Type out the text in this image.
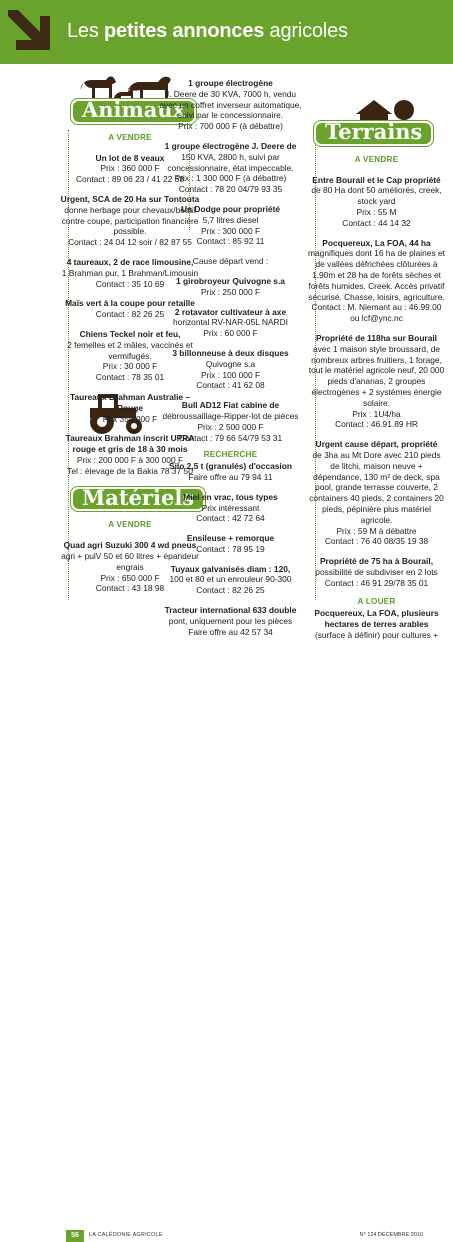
Les petites annonces agricoles
Animaux
A VENDRE
Un lot de 8 veaux
Prix : 360 000 F
Contact : 89 06 23 / 41 22 58
Urgent, SCA de 20 Ha sur Tontouta
donne herbage pour chevaux/bétail contre coupe, participation financière possible.
Contact : 24 04 12 soir / 82 87 55
4 taureaux, 2 de race limousine,
1 Brahman pur, 1 Brahman/Limousin
Contact : 35 10 69
Maïs vert à la coupe pour retaille
Contact : 82 26 25
Chiens Teckel noir et feu,
2 femelles et 2 mâles, vaccinés et vermifugés.
Prix : 30 000 F
Contact : 78 35 01
Taureaux Brahman Australie – Rouge
Prix 350 000 F
Taureaux Brahman inscrit UPRA rouge et gris de 18 à 30 mois
Prix : 200 000 F à 300 000 F
Tel : élevage de la Bakia 78 37 50
Matériels
A VENDRE
Quad agri Suzuki 300 4 wd pneus
agri + pulV 50 et 60 litres + épandeur engrais
Prix : 650 000 F
Contact : 43 18 98
1 groupe électrogène
J. Deere de 30 KVA, 7000 h, vendu avec un coffret inverseur automatique, suivi par le concessionnaire.
Prix : 700 000 F (à débattre)
1 groupe électrogène J. Deere de
150 KVA, 2800 h, suivi par concessionnaire, état impeccable.
Prix : 1 300 000 F (à débattre)
Contact : 78 20 04/79 93 35
Un Dodge pour propriété
5,7 litres diesel
Prix : 300 000 F
Contact : 85 92 11
Cause départ vend :
1 girobroyeur Quivogne s.a
Prix : 250 000 F
2 rotavator cultivateur à axe
horizontal RV-NAR-05L NARDI
Prix : 60 000 F
3 billonneuse à deux disques
Quivogne s.a
Prix : 100 000 F
Contact : 41 62 08
Bull AD12 Fiat cabine de
débroussaillage-Ripper-lot de pièces
Prix : 2 500 000 F
Contact : 79 66 54/79 53 31
RECHERCHE
Silo 2,5 t (granulés) d'occasion
Faire offre au 79 94 11
Miel en vrac, tous types
Prix intéressant
Contact : 42 72 64
Ensileuse + remorque
Contact : 78 95 19
Tuyaux galvanisés diam : 120,
100 et 80 et un enrouleur 90-300
Contact : 82 26 25
Tracteur international 633 double
pont, uniquement pour les pièces
Faire offre au 42 57 34
Terrains
A VENDRE
Entre Bourail et le Cap propriété
de 80 Ha dont 50 améliorés, creek, stock yard
Prix : 55 M
Contact : 44 14 32
Pocquereux, La FOA, 44 ha
magnifiques dont 16 ha de plaines et de vallées défrichées clôturées à 1.90m et 28 ha de forêts sèches et forêts humides. Creek. Accès privatif sécurisé. Chasse, loisirs, agriculture.
Contact : M. Niemant au : 46.99.00 ou lcf@ync.nc
Propriété de 118ha sur Bourail
avec 1 maison style broussard, de nombreux arbres fruitiers, 1 forage, tout le matériel agricole neuf, 20 000 pieds d'ananas, 2 groupes électrogènes + 2 systèmes énergie solaire.
Prix : 1U4/ha
Contact : 46.91.89 HR
Urgent cause départ, propriété
de 3ha au Mt Dore avec 210 pieds de litchi, maison neuve + dépendance, 130 m² de deck, spa pool, grande terrasse couverte, 2 containers 40 pieds, 2 containers 20 pieds, pépinière plus matériel agricole.
Prix : 59 M à débattre
Contact : 76 40 08/35 19 38
Propriété de 75 ha à Bourail,
possibilité de subdiviser en 2 lots
Contact : 46 91 29/78 35 01
A LOUER
Pocquereux, La FOA, plusieurs hectares de terres arables
(surface à définir) pour cultures +
56	LA CALÉDONIE AGRICOLE	N° 124 DÉCEMBRE 2010
